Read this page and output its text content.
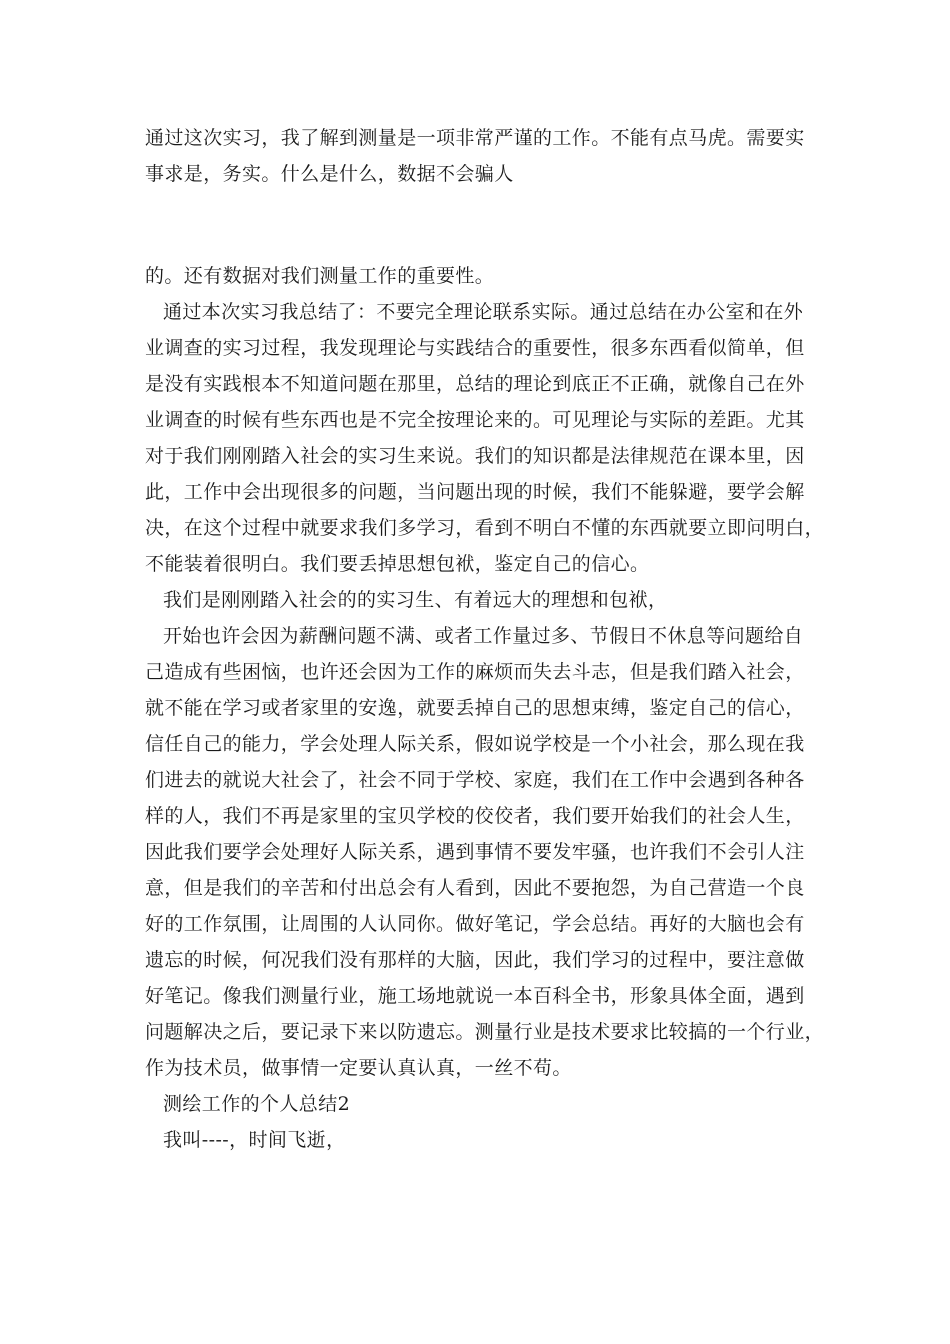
通过这次实习，我了解到测量是一项非常严谨的工作。不能有点马虎。需要实
事求是，务实。什么是什么，数据不会骗人
的。还有数据对我们测量工作的重要性。
通过本次实习我总结了：不要完全理论联系实际。通过总结在办公室和在外
业调查的实习过程，我发现理论与实践结合的重要性，很多东西看似简单，但
是没有实践根本不知道问题在那里，总结的理论到底正不正确，就像自己在外
业调查的时候有些东西也是不完全按理论来的。可见理论与实际的差距。尤其
对于我们刚刚踏入社会的实习生来说。我们的知识都是法律规范在课本里，因
此，工作中会出现很多的问题，当问题出现的时候，我们不能躲避，要学会解
决，在这个过程中就要求我们多学习，看到不明白不懂的东西就要立即问明白，
不能装着很明白。我们要丢掉思想包袱，鉴定自己的信心。
我们是刚刚踏入社会的的实习生、有着远大的理想和包袱，
开始也许会因为薪酬问题不满、或者工作量过多、节假日不休息等问题给自
己造成有些困恼，也许还会因为工作的麻烦而失去斗志，但是我们踏入社会，
就不能在学习或者家里的安逸，就要丢掉自己的思想束缚，鉴定自己的信心，
信任自己的能力，学会处理人际关系，假如说学校是一个小社会，那么现在我
们进去的就说大社会了，社会不同于学校、家庭，我们在工作中会遇到各种各
样的人，我们不再是家里的宝贝学校的佼佼者，我们要开始我们的社会人生，
因此我们要学会处理好人际关系，遇到事情不要发牢骚，也许我们不会引人注
意，但是我们的辛苦和付出总会有人看到，因此不要抱怨，为自己营造一个良
好的工作氛围，让周围的人认同你。做好笔记，学会总结。再好的大脑也会有
遗忘的时候，何况我们没有那样的大脑，因此，我们学习的过程中，要注意做
好笔记。像我们测量行业，施工场地就说一本百科全书，形象具体全面，遇到
问题解决之后，要记录下来以防遗忘。测量行业是技术要求比较搞的一个行业，
作为技术员，做事情一定要认真认真，一丝不苟。
测绘工作的个人总结2
我叫----，时间飞逝，
